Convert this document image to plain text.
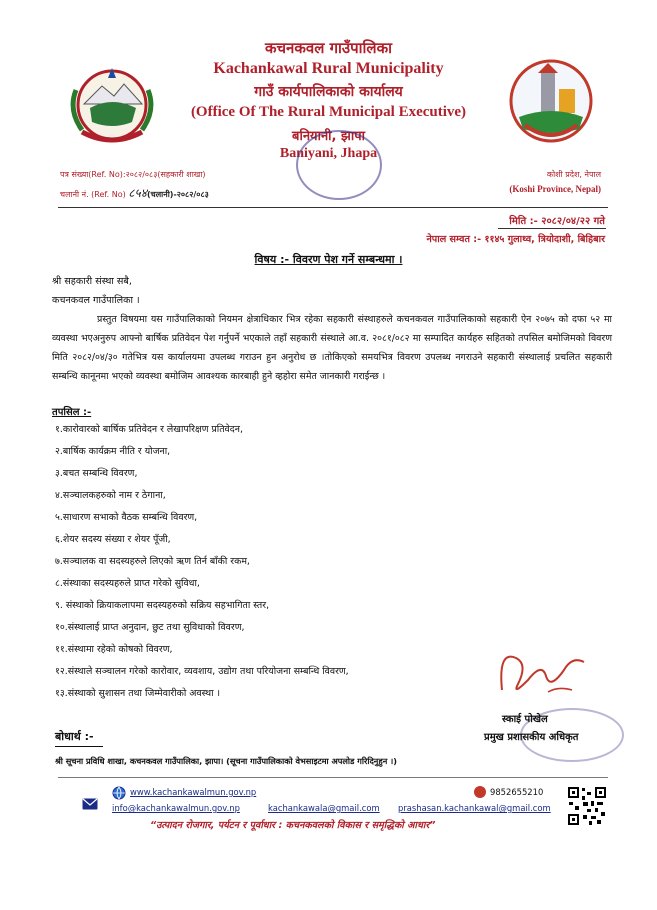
कचनकवल गाउँपालिका
Kachankawal Rural Municipality
गाउँ कार्यपालिकाको कार्यालय
(Office Of The Rural Municipal Executive)
बनियानी, झापा
Baniyani, Jhapa
कोशी प्रदेश, नेपाल
(Koshi Province, Nepal)
पत्र संख्या(Ref. No):२०८२/०८३(सहकारी शाखा)
चलानी नं. (Ref. No) ८५४(चलानी)-२०८२/०८३
मिति :- २०८२/०४/२२ गते
नेपाल सम्वत :- ११४५ गुलाथ्व, त्रियोदाशी, बिहिबार
विषय :- विवरण पेश गर्ने सम्बन्धमा ।
श्री सहकारी संस्था सबै,
कचनकवल गाउँपालिका ।
प्रस्तुत विषयमा यस गाउँपालिकाको नियमन क्षेत्राधिकार भित्र रहेका सहकारी संस्थाहरुले कचनकवल गाउँपालिकाको सहकारी ऐन २०७५ को दफा ५२ मा व्यवस्था भएअनुरुप आफ्नो बार्षिक प्रतिवेदन पेश गर्नुपर्ने भएकाले तहाँ सहकारी संस्थाले आ.व. २०८१/०८२ मा सम्पादित कार्यहरु सहितको तपसिल बमोजिमको विवरण मिति २०८२/०४/३० गतेभित्र यस कार्यालयमा उपलब्ध गराउन हुन अनुरोध छ ।तोकिएको समयभित्र विवरण उपलब्ध नगराउने सहकारी संस्थालाई प्रचलित सहकारी सम्बन्धि कानूनमा भएको व्यवस्था बमोजिम आवश्यक कारबाही हुने व्हहोरा समेत जानकारी गराईन्छ ।
तपसिल :-
१.कारोवारको बार्षिक प्रतिवेदन र लेखापरिक्षण प्रतिवेदन,
२.बार्षिक कार्यक्रम नीति र योजना,
३.बचत सम्बन्धि विवरण,
४.सञ्चालकहरुको नाम र ठेगाना,
५.साधारण सभाको वैठक सम्बन्धि विवरण,
६.शेयर सदस्य संख्या र शेयर पूँजी,
७.सञ्चालक वा सदस्यहरुले लिएको ऋण तिर्न बाँकी रकम,
८.संस्थाका सदस्यहरुले प्राप्त गरेको सुविधा,
९. संस्थाको क्रियाकलापमा सदस्यहरुको सक्रिय सहभागिता स्तर,
१०.संस्थालाई प्राप्त अनुदान, छुट तथा सुविधाको विवरण,
११.संस्थामा रहेको कोषको विवरण,
१२.संस्थाले सञ्चालन गरेको कारोवार, व्यवशाय, उद्योग तथा परियोजना सम्बन्धि विवरण,
१३.संस्थाको सुशासन तथा जिम्मेवारीको अवस्था ।
स्काई पोखेल
प्रमुख प्रशासकीय अधिकृत
बोधार्थ :-
श्री सूचना प्रविधि शाखा, कचनकवल गाउँपालिका, झापा। (सूचना गाउँपालिकाको वेभसाइटमा अपलोड गरिदिनुहुन ।)
www.kachankawalmun.gov.np
info@kachankawalmun.gov.np	kachankawala@gmail.com prashasan.kachankawal@gmail.com
9852655210
“उत्पादन रोजगार, पर्यटन र पूर्वाधार : कचनकवलको विकास र समृद्धिको आधार”
